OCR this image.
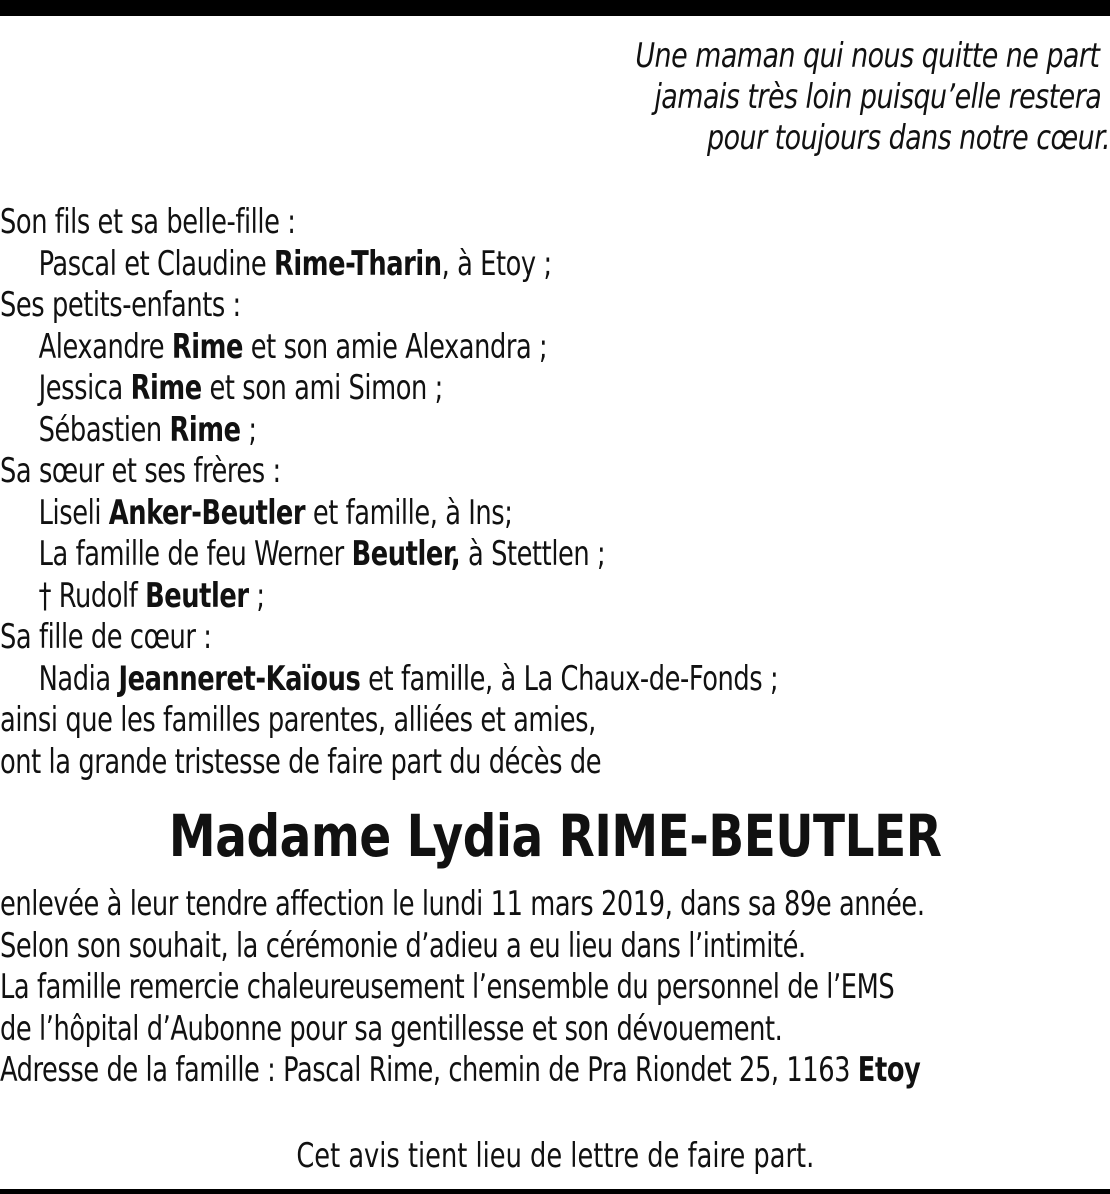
Une maman qui nous quitte ne part
jamais très loin puisqu’elle restera
pour toujours dans notre cœur.
Son fils et sa belle-fille :
Pascal et Claudine Rime-Tharin, à Etoy ;
Ses petits-enfants :
Alexandre Rime et son amie Alexandra ;
Jessica Rime et son ami Simon ;
Sébastien Rime ;
Sa sœur et ses frères :
Liseli Anker-Beutler et famille, à Ins;
La famille de feu Werner Beutler, à Stettlen ;
† Rudolf Beutler ;
Sa fille de cœur :
Nadia Jeanneret-Kaïous et famille, à La Chaux-de-Fonds ;
ainsi que les familles parentes, alliées et amies,
ont la grande tristesse de faire part du décès de
Madame Lydia RIME-BEUTLER
enlevée à leur tendre affection le lundi 11 mars 2019, dans sa 89e année.
Selon son souhait, la cérémonie d’adieu a eu lieu dans l’intimité.
La famille remercie chaleureusement l’ensemble du personnel de l’EMS
de l’hôpital d’Aubonne pour sa gentillesse et son dévouement.
Adresse de la famille : Pascal Rime, chemin de Pra Riondet 25, 1163 Etoy
Cet avis tient lieu de lettre de faire part.
